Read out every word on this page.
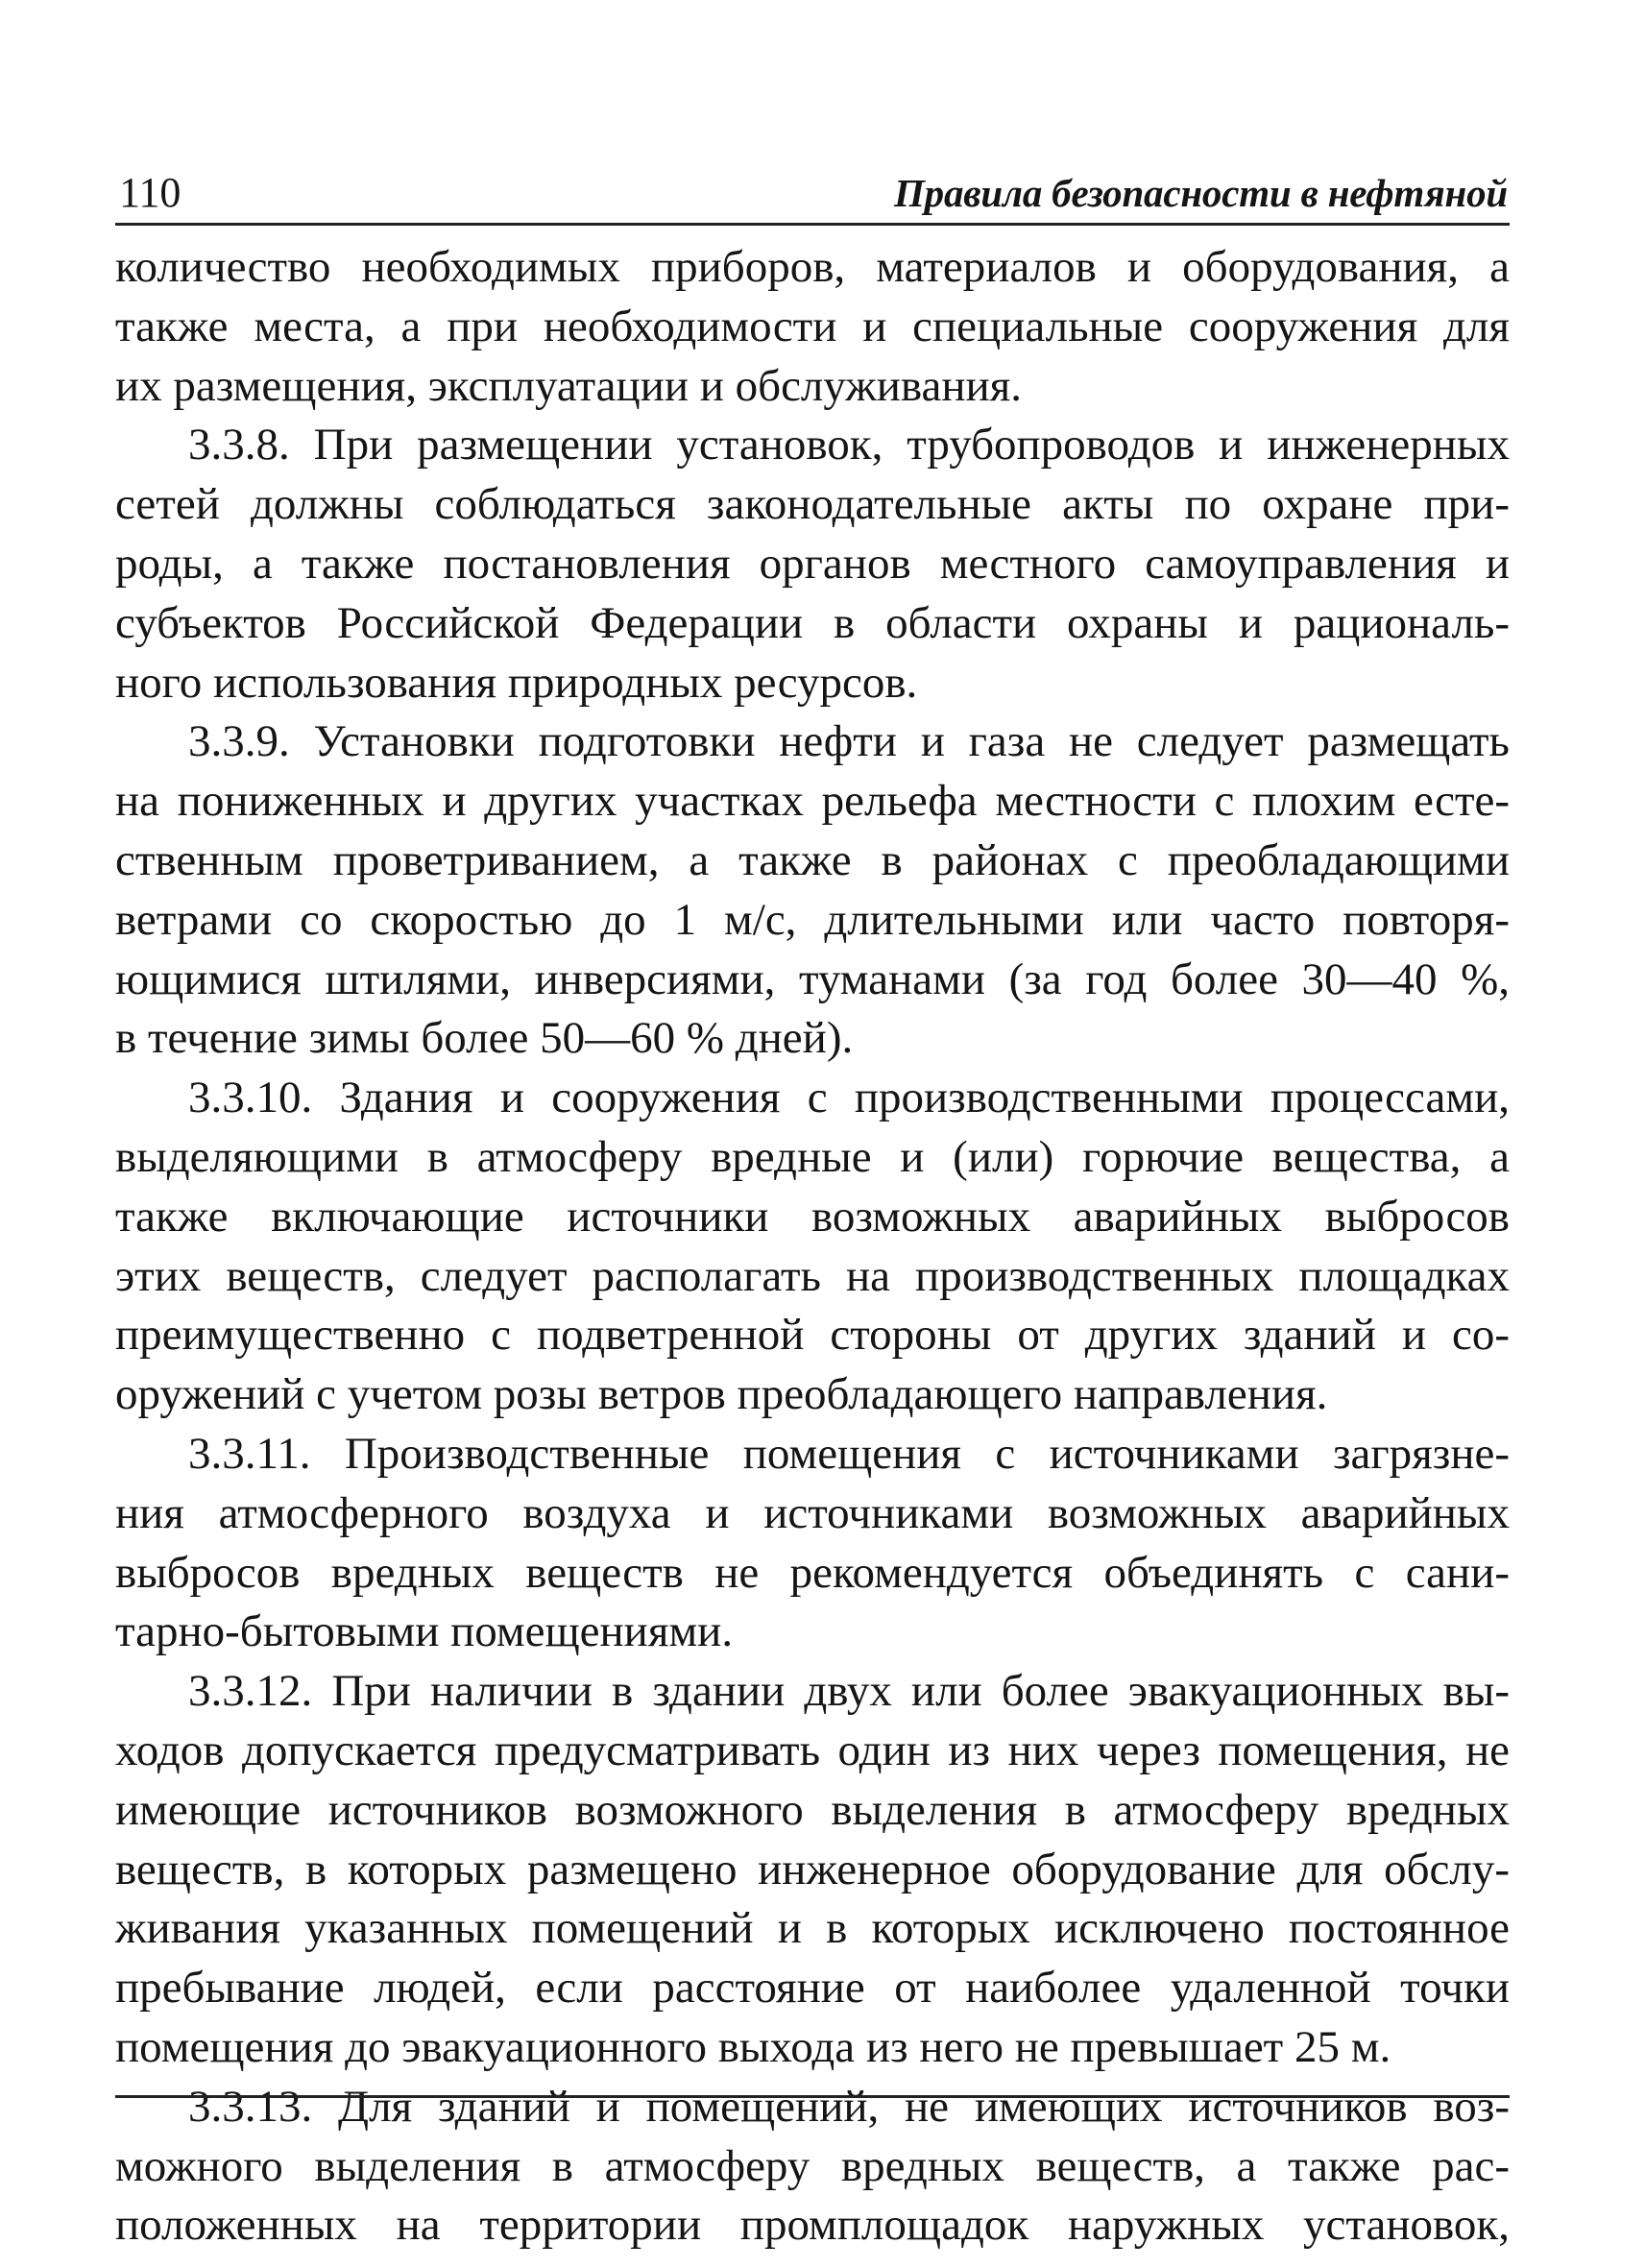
110	Правила безопасности в нефтяной
количество необходимых приборов, материалов и оборудования, а
также места, а при необходимости и специальные сооружения для
их размещения, эксплуатации и обслуживания.
3.3.8. При размещении установок, трубопроводов и инженерных
сетей должны соблюдаться законодательные акты по охране при-
роды, а также постановления органов местного самоуправления и
субъектов Российской Федерации в области охраны и рациональ-
ного использования природных ресурсов.
3.3.9. Установки подготовки нефти и газа не следует размещать
на пониженных и других участках рельефа местности с плохим есте-
ственным проветриванием, а также в районах с преобладающими
ветрами со скоростью до 1 м/с, длительными или часто повторя-
ющимися штилями, инверсиями, туманами (за год более 30—40 %,
в течение зимы более 50—60 % дней).
3.3.10. Здания и сооружения с производственными процессами,
выделяющими в атмосферу вредные и (или) горючие вещества, а
также включающие источники возможных аварийных выбросов
этих веществ, следует располагать на производственных площадках
преимущественно с подветренной стороны от других зданий и со-
оружений с учетом розы ветров преобладающего направления.
3.3.11. Производственные помещения с источниками загрязне-
ния атмосферного воздуха и источниками возможных аварийных
выбросов вредных веществ не рекомендуется объединять с сани-
тарно-бытовыми помещениями.
3.3.12. При наличии в здании двух или более эвакуационных вы-
ходов допускается предусматривать один из них через помещения, не
имеющие источников возможного выделения в атмосферу вредных
веществ, в которых размещено инженерное оборудование для обслу-
живания указанных помещений и в которых исключено постоянное
пребывание людей, если расстояние от наиболее удаленной точки
помещения до эвакуационного выхода из него не превышает 25 м.
3.3.13. Для зданий и помещений, не имеющих источников воз-
можного выделения в атмосферу вредных веществ, а также рас-
положенных на территории промплощадок наружных установок,
